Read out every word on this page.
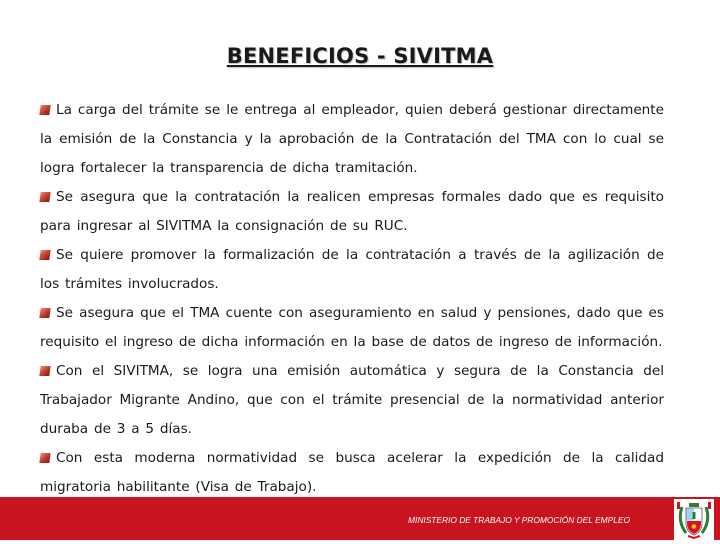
BENEFICIOS - SIVITMA
La carga del trámite se le entrega al empleador, quien deberá gestionar directamente la emisión de la Constancia y la aprobación de la Contratación del TMA con lo cual se logra fortalecer la transparencia de dicha tramitación.
Se asegura que la contratación la realicen empresas formales dado que es requisito para ingresar al SIVITMA la consignación de su RUC.
Se quiere promover la formalización de la contratación a través de la agilización de los trámites involucrados.
Se asegura que el TMA cuente con aseguramiento en salud y pensiones, dado que es requisito el ingreso de dicha información en la base de datos de ingreso de información.
Con el SIVITMA, se logra una emisión automática y segura de la Constancia del Trabajador Migrante Andino, que con el trámite presencial de la normatividad anterior duraba de 3 a 5 días.
Con esta moderna normatividad se busca acelerar la expedición de la calidad migratoria habilitante (Visa de Trabajo).
MINISTERIO DE TRABAJO Y PROMOCIÓN DEL EMPLEO
